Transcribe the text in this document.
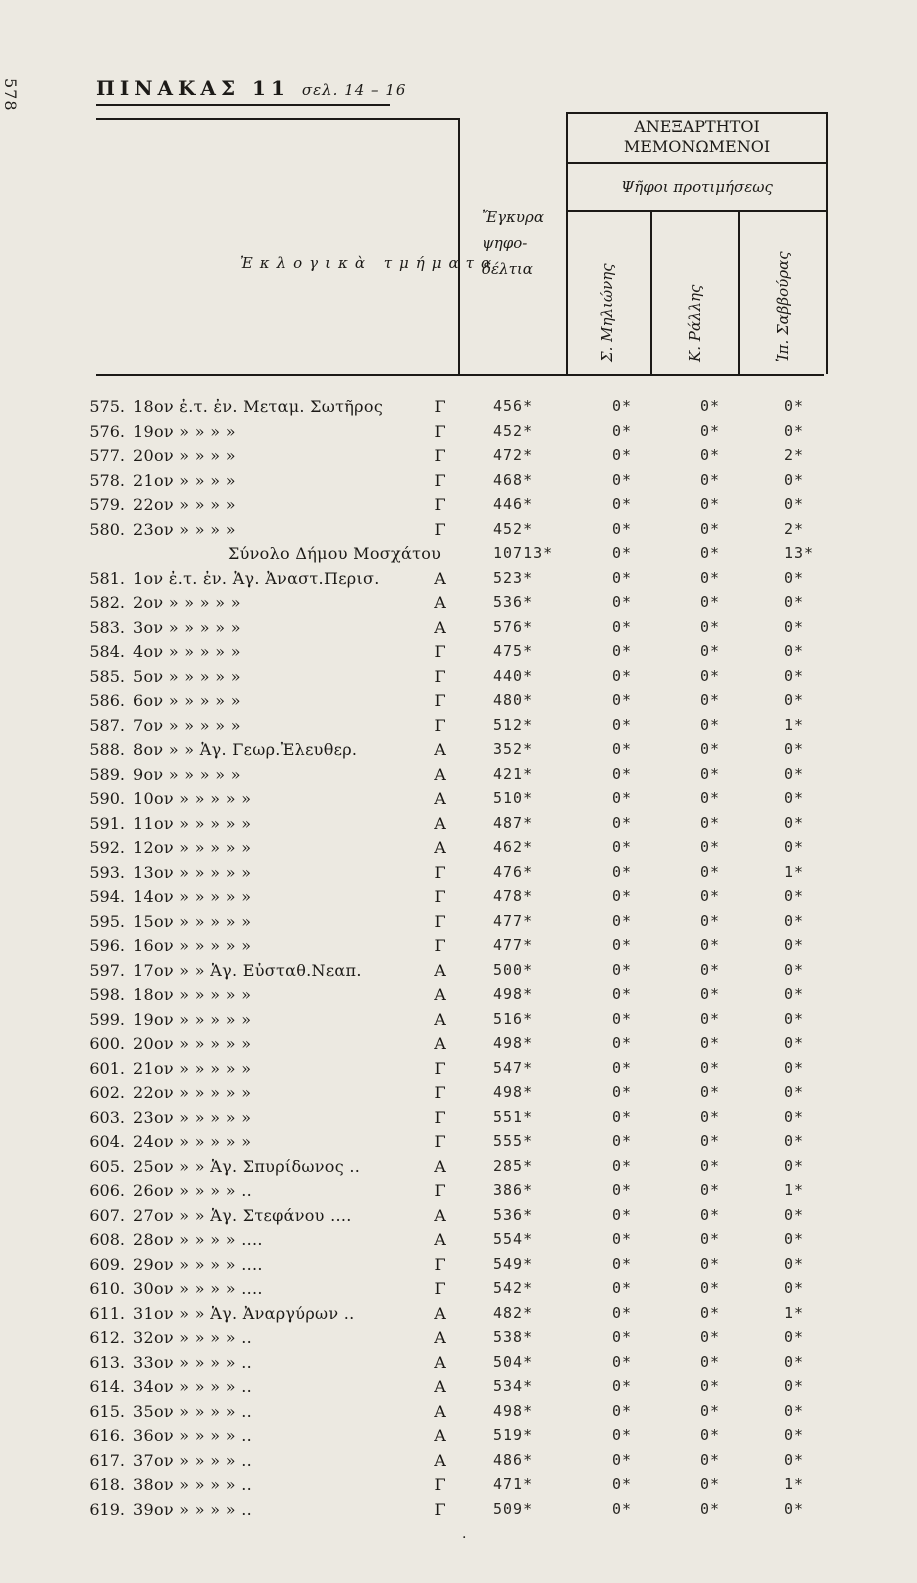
578	ΠΙΝΑΚΑΣ 11 σελ. 14 – 16
Ἐκλογικὰ τμήματα
Ἔγκυρα
ψηφο-
δέλτια
ΑΝΕΞΑΡΤΗΤΟΙ
ΜΕΜΟΝΩΜΕΝΟΙ
Ψῆφοι προτιμήσεως
Σ. Μηλιώνης	Κ. Ράλλης	Ἱπ. Σαββούρας
575. 18ον ἐ.τ. ἐν. Μεταμ. Σωτῆρος	Γ	456*	0*	0*	0*
576. 19ον » » » »	Γ	452*	0*	0*	0*
577. 20ον » » » »	Γ	472*	0*	0*	2*
578. 21ον » » » »	Γ	468*	0*	0*	0*
579. 22ον » » » »	Γ	446*	0*	0*	0*
580. 23ον » » » »	Γ	452*	0*	0*	2*
Σύνολο Δήμου Μοσχάτου	10713*	0*	0*	13*
581. 1ον ἐ.τ. ἐν. Ἁγ. Ἀναστ.Περισ.	Α	523*	0*	0*	0*
582. 2ον » » » » »	Α	536*	0*	0*	0*
583. 3ον » » » » »	Α	576*	0*	0*	0*
584. 4ον » » » » »	Γ	475*	0*	0*	0*
585. 5ον » » » » »	Γ	440*	0*	0*	0*
586. 6ον » » » » »	Γ	480*	0*	0*	0*
587. 7ον » » » » »	Γ	512*	0*	0*	1*
588. 8ον » » Ἁγ. Γεωρ.Ἐλευθερ.	Α	352*	0*	0*	0*
589. 9ον » » » » »	Α	421*	0*	0*	0*
590. 10ον » » » » »	Α	510*	0*	0*	0*
591. 11ον » » » » »	Α	487*	0*	0*	0*
592. 12ον » » » » »	Α	462*	0*	0*	0*
593. 13ον » » » » »	Γ	476*	0*	0*	1*
594. 14ον » » » » »	Γ	478*	0*	0*	0*
595. 15ον » » » » »	Γ	477*	0*	0*	0*
596. 16ον » » » » »	Γ	477*	0*	0*	0*
597. 17ον » » Ἁγ. Εὐσταθ.Νεαπ.	Α	500*	0*	0*	0*
598. 18ον » » » » »	Α	498*	0*	0*	0*
599. 19ον » » » » »	Α	516*	0*	0*	0*
600. 20ον » » » » »	Α	498*	0*	0*	0*
601. 21ον » » » » »	Γ	547*	0*	0*	0*
602. 22ον » » » » »	Γ	498*	0*	0*	0*
603. 23ον » » » » »	Γ	551*	0*	0*	0*
604. 24ον » » » » »	Γ	555*	0*	0*	0*
605. 25ον » » Ἁγ. Σπυρίδωνος ..	Α	285*	0*	0*	0*
606. 26ον » » » » ..	Γ	386*	0*	0*	1*
607. 27ον » » Ἁγ. Στεφάνου ....	Α	536*	0*	0*	0*
608. 28ον » » » » ....	Α	554*	0*	0*	0*
609. 29ον » » » » ....	Γ	549*	0*	0*	0*
610. 30ον » » » » ....	Γ	542*	0*	0*	0*
611. 31ον » » Ἁγ. Ἀναργύρων ..	Α	482*	0*	0*	1*
612. 32ον » » » » ..	Α	538*	0*	0*	0*
613. 33ον » » » » ..	Α	504*	0*	0*	0*
614. 34ον » » » » ..	Α	534*	0*	0*	0*
615. 35ον » » » » ..	Α	498*	0*	0*	0*
616. 36ον » » » » ..	Α	519*	0*	0*	0*
617. 37ον » » » » ..	Α	486*	0*	0*	0*
618. 38ον » » » » ..	Γ	471*	0*	0*	1*
619. 39ον » » » » ..	Γ	509*	0*	0*	0*
·
